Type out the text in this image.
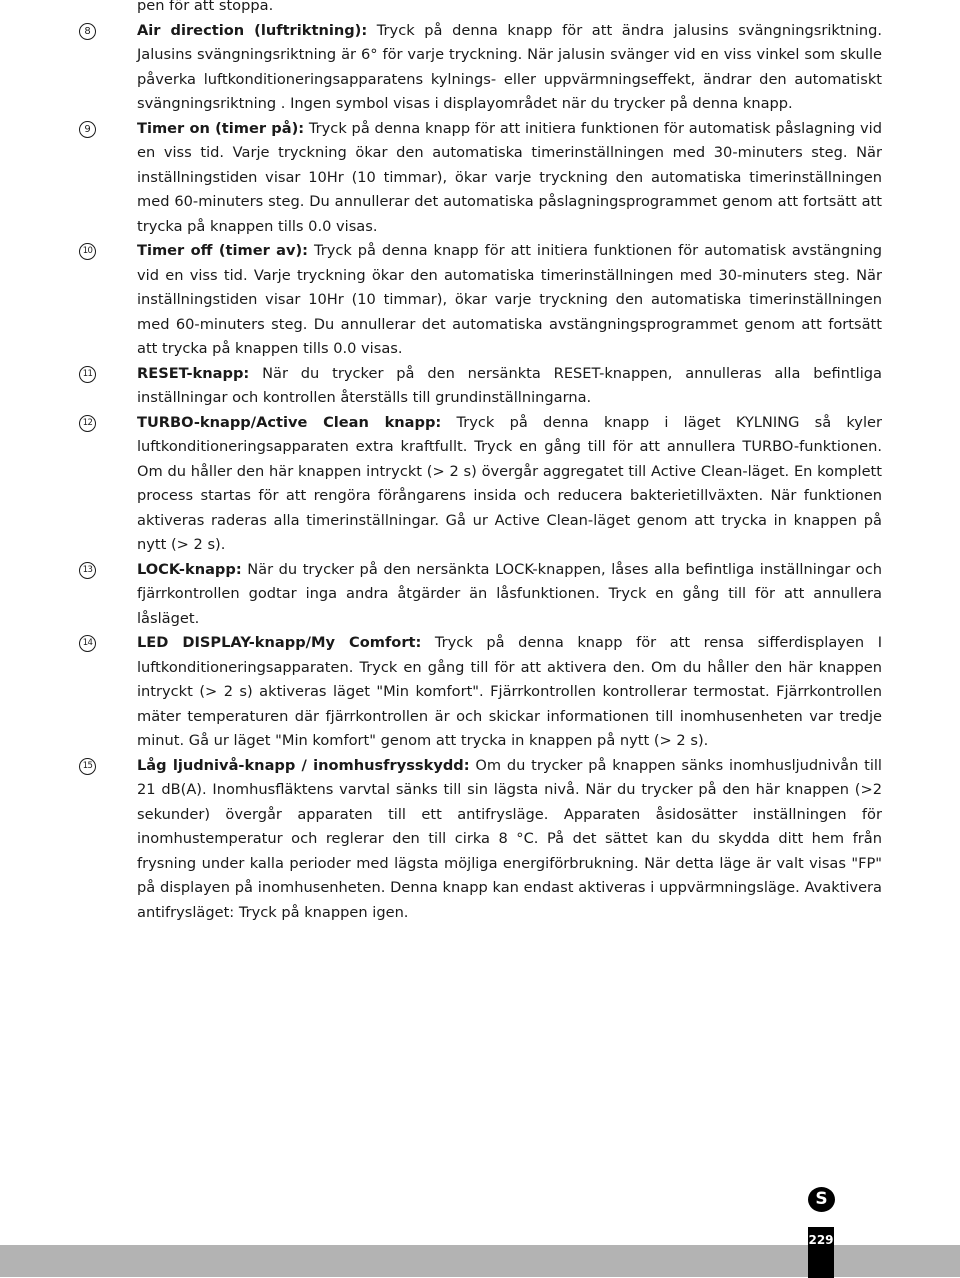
pen för att stoppa.
8	Air direction (luftriktning): Tryck på denna knapp för att ändra jalusins svängningsriktning. Jalusins svängningsriktning är 6° för varje tryckning. När jalusin svänger vid en viss vinkel som skulle påverka luftkonditioneringsapparatens kylnings- eller uppvärmningseffekt, ändrar den automatiskt svängningsriktning . Ingen symbol visas i displayområdet när du trycker på denna knapp.
9	Timer on (timer på): Tryck på denna knapp för att initiera funktionen för automatisk påslagning vid en viss tid. Varje tryckning ökar den automatiska timerinställningen med 30-minuters steg. När inställningstiden visar 10Hr (10 timmar), ökar varje tryckning den automatiska timerinställningen med 60-minuters steg. Du annullerar det automatiska påslagningsprogrammet genom att fortsätt att trycka på knappen tills 0.0 visas.
10	Timer off (timer av): Tryck på denna knapp för att initiera funktionen för automatisk avstängning vid en viss tid. Varje tryckning ökar den automatiska timerinställningen med 30-minuters steg. När inställningstiden visar 10Hr (10 timmar), ökar varje tryckning den automatiska timerinställningen med 60-minuters steg. Du annullerar det automatiska avstängningsprogrammet genom att fortsätt att trycka på knappen tills 0.0 visas.
11	RESET-knapp: När du trycker på den nersänkta RESET-knappen, annulleras alla befintliga inställningar och kontrollen återställs till grundinställningarna.
12	TURBO-knapp/Active Clean knapp: Tryck på denna knapp i läget KYLNING så kyler luftkonditioneringsapparaten extra kraftfullt. Tryck en gång till för att annullera TURBO-funktionen. Om du håller den här knappen intryckt (> 2 s) övergår aggregatet till Active Clean-läget. En komplett process startas för att rengöra förångarens insida och reducera bakterietillväxten. När funktionen aktiveras raderas alla timerinställningar. Gå ur Active Clean-läget genom att trycka in knappen på nytt (> 2 s).
13	LOCK-knapp: När du trycker på den nersänkta LOCK-knappen, låses alla befintliga inställningar och fjärrkontrollen godtar inga andra åtgärder än låsfunktionen. Tryck en gång till för att annullera låsläget.
14	LED DISPLAY-knapp/My Comfort: Tryck på denna knapp för att rensa sifferdisplayen I luftkonditioneringsapparaten. Tryck en gång till för att aktivera den. Om du håller den här knappen intryckt (> 2 s) aktiveras läget "Min komfort". Fjärrkontrollen kontrollerar termostat. Fjärrkontrollen mäter temperaturen där fjärrkontrollen är och skickar informationen till inomhusenheten var tredje minut. Gå ur läget "Min komfort" genom att trycka in knappen på nytt (> 2 s).
15	Låg ljudnivå-knapp / inomhusfrysskydd: Om du trycker på knappen sänks inomhusljudnivån till 21 dB(A). Inomhusfläktens varvtal sänks till sin lägsta nivå. När du trycker på den här knappen (>2 sekunder) övergår apparaten till ett antifrysläge. Apparaten åsidosätter inställningen för inomhustemperatur och reglerar den till cirka 8 °C. På det sättet kan du skydda ditt hem från frysning under kalla perioder med lägsta möjliga energiförbrukning. När detta läge är valt visas "FP" på displayen på inomhusenheten. Denna knapp kan endast aktiveras i uppvärmningsläge. Avaktivera antifrysläget: Tryck på knappen igen.
S
229
